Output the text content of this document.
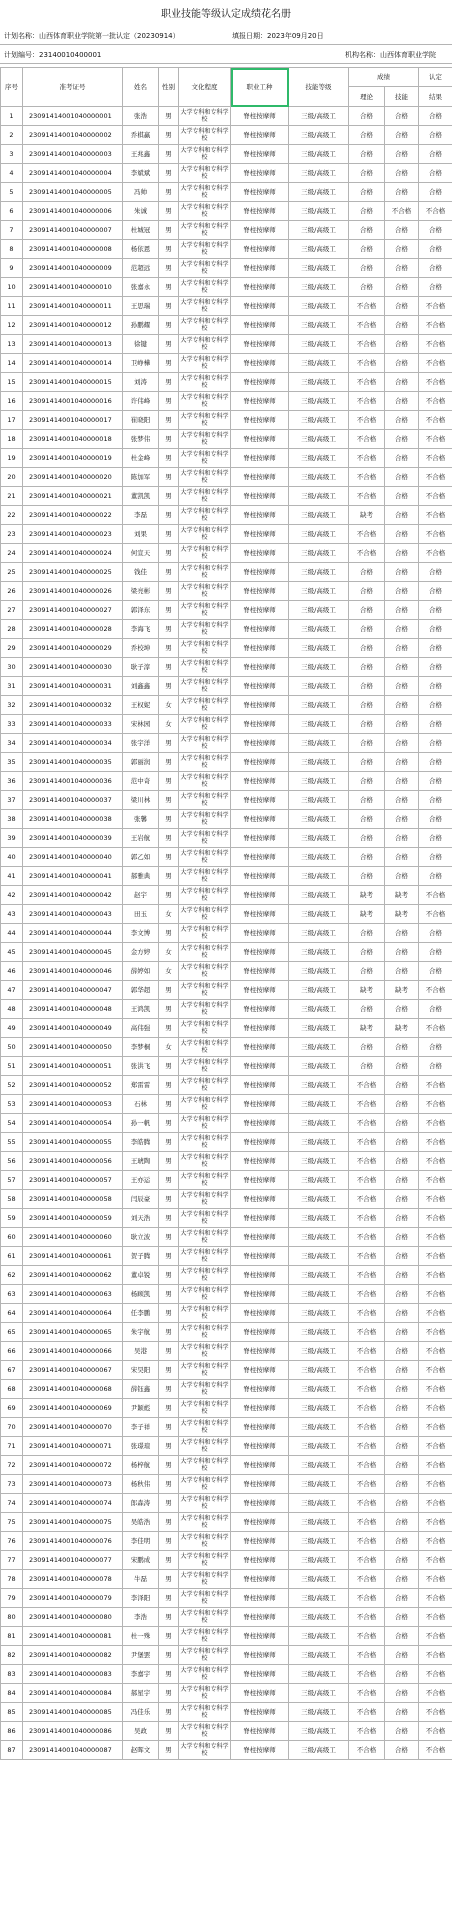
职业技能等级认定成绩花名册
计划名称：山西体育职业学院第一批认定（20230914）	填报日期：2023年09月20日
计划编号：23140010400001	机构名称：山西体育职业学院
序号	准考证号	姓名	性别	文化程度	职业工种	技能等级	成绩		认定
							理论	技能	结果
1	23091414001040000001	张浩	男	大学专科和专科学校	脊柱按摩师	三级/高级工	合格	合格	合格
2	23091414001040000002	乔棋赢	男	大学专科和专科学校	脊柱按摩师	三级/高级工	合格	合格	合格
3	23091414001040000003	王兆鑫	男	大学专科和专科学校	脊柱按摩师	三级/高级工	合格	合格	合格
4	23091414001040000004	李斌斌	男	大学专科和专科学校	脊柱按摩师	三级/高级工	合格	合格	合格
5	23091414001040000005	冯帅	男	大学专科和专科学校	脊柱按摩师	三级/高级工	合格	合格	合格
6	23091414001040000006	朱诚	男	大学专科和专科学校	脊柱按摩师	三级/高级工	合格	不合格	不合格
7	23091414001040000007	杜城冠	男	大学专科和专科学校	脊柱按摩师	三级/高级工	合格	合格	合格
8	23091414001040000008	杨依恩	男	大学专科和专科学校	脊柱按摩师	三级/高级工	合格	合格	合格
9	23091414001040000009	范超远	男	大学专科和专科学校	脊柱按摩师	三级/高级工	合格	合格	合格
10	23091414001040000010	张嘉永	男	大学专科和专科学校	脊柱按摩师	三级/高级工	合格	合格	合格
11	23091414001040000011	王思瑞	男	大学专科和专科学校	脊柱按摩师	三级/高级工	不合格	合格	不合格
12	23091414001040000012	孙鹏耀	男	大学专科和专科学校	脊柱按摩师	三级/高级工	不合格	合格	不合格
13	23091414001040000013	徐键	男	大学专科和专科学校	脊柱按摩师	三级/高级工	不合格	合格	不合格
14	23091414001040000014	卫峥樺	男	大学专科和专科学校	脊柱按摩师	三级/高级工	不合格	合格	不合格
15	23091414001040000015	刘涛	男	大学专科和专科学校	脊柱按摩师	三级/高级工	不合格	合格	不合格
16	23091414001040000016	许伟峰	男	大学专科和专科学校	脊柱按摩师	三级/高级工	不合格	合格	不合格
17	23091414001040000017	崔晓阳	男	大学专科和专科学校	脊柱按摩师	三级/高级工	不合格	合格	不合格
18	23091414001040000018	张梦伟	男	大学专科和专科学校	脊柱按摩师	三级/高级工	不合格	合格	不合格
19	23091414001040000019	杜金峰	男	大学专科和专科学校	脊柱按摩师	三级/高级工	不合格	合格	不合格
20	23091414001040000020	陈加军	男	大学专科和专科学校	脊柱按摩师	三级/高级工	不合格	合格	不合格
21	23091414001040000021	董凯凯	男	大学专科和专科学校	脊柱按摩师	三级/高级工	不合格	合格	不合格
22	23091414001040000022	李磊	男	大学专科和专科学校	脊柱按摩师	三级/高级工	缺考	合格	不合格
23	23091414001040000023	刘果	男	大学专科和专科学校	脊柱按摩师	三级/高级工	不合格	合格	不合格
24	23091414001040000024	何宣天	男	大学专科和专科学校	脊柱按摩师	三级/高级工	不合格	合格	不合格
25	23091414001040000025	钱佳	男	大学专科和专科学校	脊柱按摩师	三级/高级工	合格	合格	合格
26	23091414001040000026	梁亮彬	男	大学专科和专科学校	脊柱按摩师	三级/高级工	合格	合格	合格
27	23091414001040000027	郭泽东	男	大学专科和专科学校	脊柱按摩师	三级/高级工	合格	合格	合格
28	23091414001040000028	李海飞	男	大学专科和专科学校	脊柱按摩师	三级/高级工	合格	合格	合格
29	23091414001040000029	乔校坤	男	大学专科和专科学校	脊柱按摩师	三级/高级工	合格	合格	合格
30	23091414001040000030	耿子淳	男	大学专科和专科学校	脊柱按摩师	三级/高级工	合格	合格	合格
31	23091414001040000031	刘鑫鑫	男	大学专科和专科学校	脊柱按摩师	三级/高级工	合格	合格	合格
32	23091414001040000032	王权妮	女	大学专科和专科学校	脊柱按摩师	三级/高级工	合格	合格	合格
33	23091414001040000033	宋林园	女	大学专科和专科学校	脊柱按摩师	三级/高级工	合格	合格	合格
34	23091414001040000034	张宇洋	男	大学专科和专科学校	脊柱按摩师	三级/高级工	合格	合格	合格
35	23091414001040000035	郭丽润	男	大学专科和专科学校	脊柱按摩师	三级/高级工	合格	合格	合格
36	23091414001040000036	范中奇	男	大学专科和专科学校	脊柱按摩师	三级/高级工	合格	合格	合格
37	23091414001040000037	梁川林	男	大学专科和专科学校	脊柱按摩师	三级/高级工	合格	合格	合格
38	23091414001040000038	张馨	男	大学专科和专科学校	脊柱按摩师	三级/高级工	合格	合格	合格
39	23091414001040000039	王岩航	男	大学专科和专科学校	脊柱按摩师	三级/高级工	合格	合格	合格
40	23091414001040000040	郭乙如	男	大学专科和专科学校	脊柱按摩师	三级/高级工	合格	合格	合格
41	23091414001040000041	郝雅典	男	大学专科和专科学校	脊柱按摩师	三级/高级工	合格	合格	合格
42	23091414001040000042	赵宇	男	大学专科和专科学校	脊柱按摩师	三级/高级工	缺考	缺考	不合格
43	23091414001040000043	田玉	女	大学专科和专科学校	脊柱按摩师	三级/高级工	缺考	缺考	不合格
44	23091414001040000044	李文博	男	大学专科和专科学校	脊柱按摩师	三级/高级工	合格	合格	合格
45	23091414001040000045	金方婷	女	大学专科和专科学校	脊柱按摩师	三级/高级工	合格	合格	合格
46	23091414001040000046	薛婷如	女	大学专科和专科学校	脊柱按摩师	三级/高级工	合格	合格	合格
47	23091414001040000047	郭华超	男	大学专科和专科学校	脊柱按摩师	三级/高级工	缺考	缺考	不合格
48	23091414001040000048	王鸿凯	男	大学专科和专科学校	脊柱按摩师	三级/高级工	合格	合格	合格
49	23091414001040000049	高伟强	男	大学专科和专科学校	脊柱按摩师	三级/高级工	缺考	缺考	不合格
50	23091414001040000050	李梦桐	女	大学专科和专科学校	脊柱按摩师	三级/高级工	合格	合格	合格
51	23091414001040000051	张洪飞	男	大学专科和专科学校	脊柱按摩师	三级/高级工	合格	合格	合格
52	23091414001040000052	郑雷雷	男	大学专科和专科学校	脊柱按摩师	三级/高级工	不合格	合格	不合格
53	23091414001040000053	石林	男	大学专科和专科学校	脊柱按摩师	三级/高级工	不合格	合格	不合格
54	23091414001040000054	孙一帆	男	大学专科和专科学校	脊柱按摩师	三级/高级工	不合格	合格	不合格
55	23091414001040000055	李皓腾	男	大学专科和专科学校	脊柱按摩师	三级/高级工	不合格	合格	不合格
56	23091414001040000056	王琥陶	男	大学专科和专科学校	脊柱按摩师	三级/高级工	不合格	合格	不合格
57	23091414001040000057	王亦运	男	大学专科和专科学校	脊柱按摩师	三级/高级工	不合格	合格	不合格
58	23091414001040000058	闫辰豪	男	大学专科和专科学校	脊柱按摩师	三级/高级工	不合格	合格	不合格
59	23091414001040000059	刘天浩	男	大学专科和专科学校	脊柱按摩师	三级/高级工	不合格	合格	不合格
60	23091414001040000060	耿立波	男	大学专科和专科学校	脊柱按摩师	三级/高级工	不合格	合格	不合格
61	23091414001040000061	贺子腾	男	大学专科和专科学校	脊柱按摩师	三级/高级工	不合格	合格	不合格
62	23091414001040000062	董卓锐	男	大学专科和专科学校	脊柱按摩师	三级/高级工	不合格	合格	不合格
63	23091414001040000063	杨顾凯	男	大学专科和专科学校	脊柱按摩师	三级/高级工	不合格	合格	不合格
64	23091414001040000064	任李鹏	男	大学专科和专科学校	脊柱按摩师	三级/高级工	不合格	合格	不合格
65	23091414001040000065	朱宇航	男	大学专科和专科学校	脊柱按摩师	三级/高级工	不合格	合格	不合格
66	23091414001040000066	吴港	男	大学专科和专科学校	脊柱按摩师	三级/高级工	不合格	合格	不合格
67	23091414001040000067	宋昊阳	男	大学专科和专科学校	脊柱按摩师	三级/高级工	不合格	合格	不合格
68	23091414001040000068	薛钰鑫	男	大学专科和专科学校	脊柱按摩师	三级/高级工	不合格	合格	不合格
69	23091414001040000069	尹颖彪	男	大学专科和专科学校	脊柱按摩师	三级/高级工	不合格	合格	不合格
70	23091414001040000070	李子祥	男	大学专科和专科学校	脊柱按摩师	三级/高级工	不合格	合格	不合格
71	23091414001040000071	张璟瑄	男	大学专科和专科学校	脊柱按摩师	三级/高级工	不合格	合格	不合格
72	23091414001040000072	杨梓航	男	大学专科和专科学校	脊柱按摩师	三级/高级工	不合格	合格	不合格
73	23091414001040000073	杨秋伟	男	大学专科和专科学校	脊柱按摩师	三级/高级工	不合格	合格	不合格
74	23091414001040000074	郎森涛	男	大学专科和专科学校	脊柱按摩师	三级/高级工	不合格	合格	不合格
75	23091414001040000075	吴皓浩	男	大学专科和专科学校	脊柱按摩师	三级/高级工	不合格	合格	不合格
76	23091414001040000076	李佳明	男	大学专科和专科学校	脊柱按摩师	三级/高级工	不合格	合格	不合格
77	23091414001040000077	宋鹏成	男	大学专科和专科学校	脊柱按摩师	三级/高级工	不合格	合格	不合格
78	23091414001040000078	牛磊	男	大学专科和专科学校	脊柱按摩师	三级/高级工	不合格	合格	不合格
79	23091414001040000079	李泽阳	男	大学专科和专科学校	脊柱按摩师	三级/高级工	不合格	合格	不合格
80	23091414001040000080	李浩	男	大学专科和专科学校	脊柱按摩师	三级/高级工	不合格	合格	不合格
81	23091414001040000081	杜一殊	男	大学专科和专科学校	脊柱按摩师	三级/高级工	不合格	合格	不合格
82	23091414001040000082	尹堡罢	男	大学专科和专科学校	脊柱按摩师	三级/高级工	不合格	合格	不合格
83	23091414001040000083	李嘉宇	男	大学专科和专科学校	脊柱按摩师	三级/高级工	不合格	合格	不合格
84	23091414001040000084	郝星宇	男	大学专科和专科学校	脊柱按摩师	三级/高级工	不合格	合格	不合格
85	23091414001040000085	冯佳乐	男	大学专科和专科学校	脊柱按摩师	三级/高级工	不合格	合格	不合格
86	23091414001040000086	吴政	男	大学专科和专科学校	脊柱按摩师	三级/高级工	不合格	合格	不合格
87	23091414001040000087	赵晖文	男	大学专科和专科学校	脊柱按摩师	三级/高级工	不合格	合格	不合格
